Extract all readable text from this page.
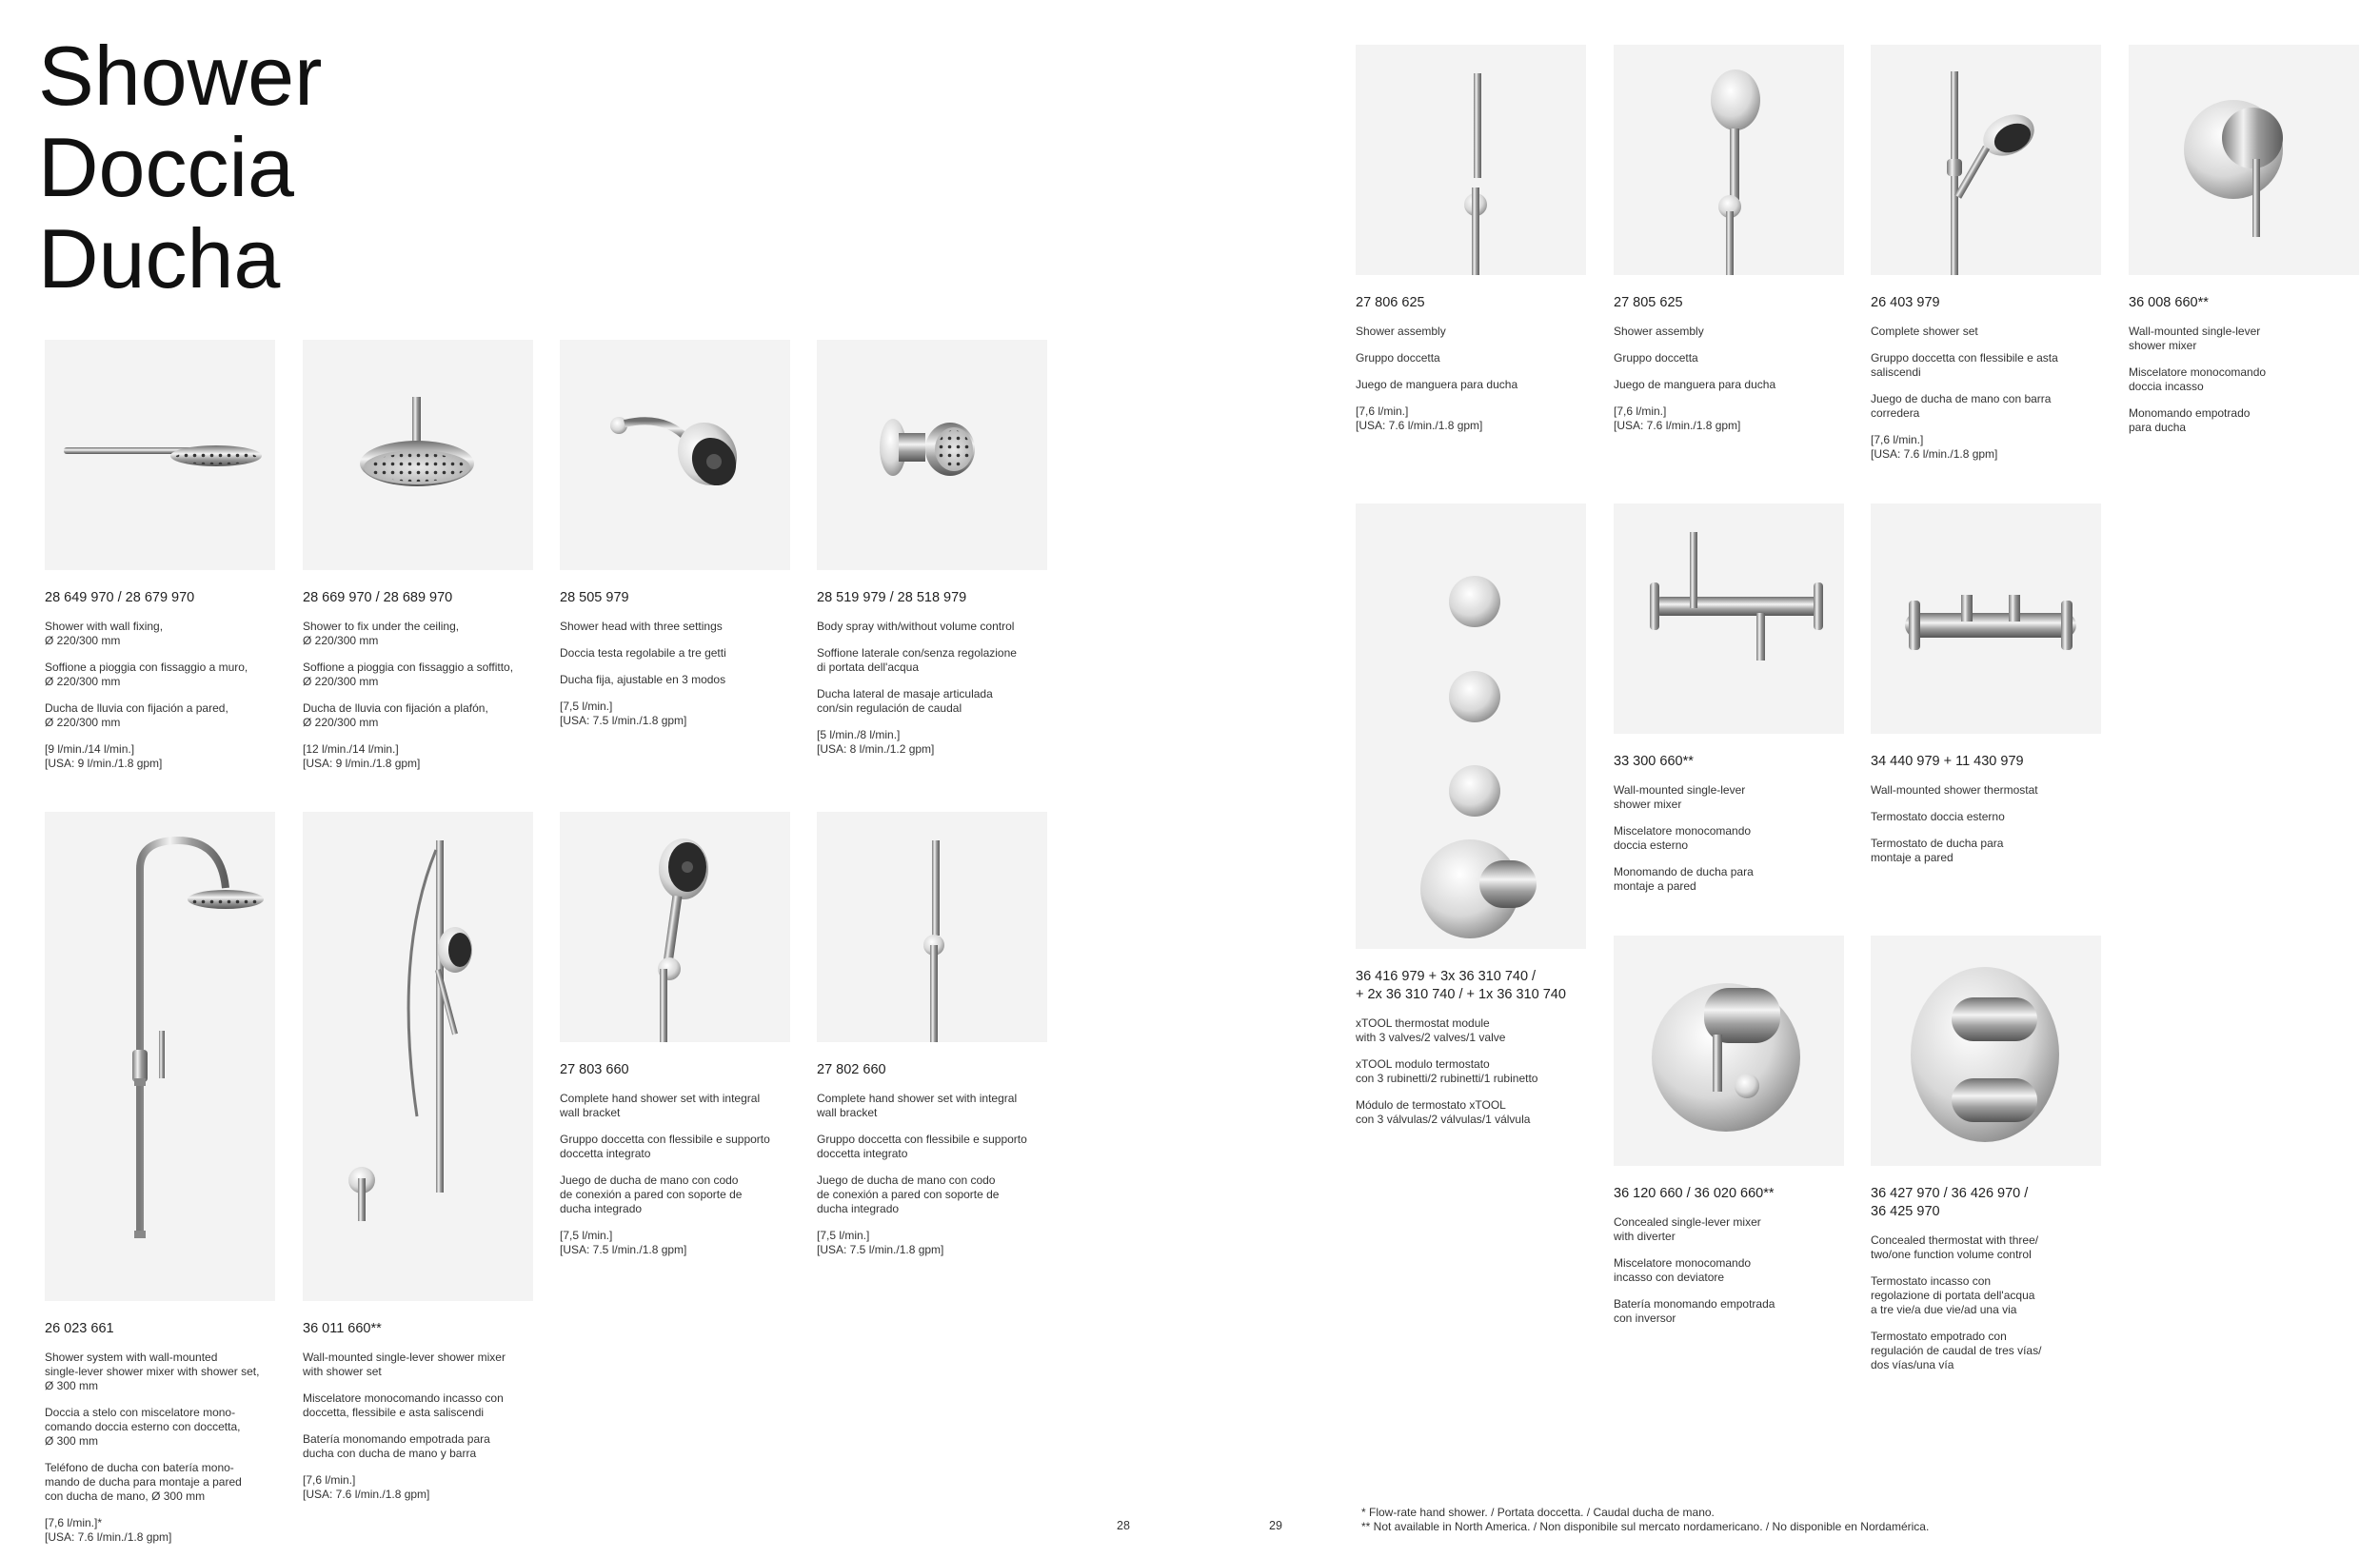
Shower
Doccia
Ducha
28 649 970 / 28 679 970
Shower with wall fixing,
Ø 220/300 mm
Soffione a pioggia con fissaggio a muro,
Ø 220/300 mm
Ducha de lluvia con fijación a pared,
Ø 220/300 mm
[9 l/min./14 l/min.]
[USA: 9 l/min./1.8 gpm]
28 669 970 / 28 689 970
Shower to fix under the ceiling,
Ø 220/300 mm
Soffione a pioggia con fissaggio a soffitto,
Ø 220/300 mm
Ducha de lluvia con fijación a plafón,
Ø 220/300 mm
[12 l/min./14 l/min.]
[USA: 9 l/min./1.8 gpm]
28 505 979
Shower head with three settings
Doccia testa regolabile a tre getti
Ducha fija, ajustable en 3 modos
[7,5 l/min.]
[USA: 7.5 l/min./1.8 gpm]
28 519 979 / 28 518 979
Body spray with/without volume control
Soffione laterale con/senza regolazione
di portata dell'acqua
Ducha lateral de masaje articulada
con/sin regulación de caudal
[5 l/min./8 l/min.]
[USA: 8 l/min./1.2 gpm]
26 023 661
Shower system with wall-mounted
single-lever shower mixer with shower set,
Ø 300 mm
Doccia a stelo con miscelatore mono-
comando doccia esterno con doccetta,
Ø 300 mm
Teléfono de ducha con batería mono-
mando de ducha para montaje a pared
con ducha de mano, Ø 300 mm
[7,6 l/min.]*
[USA: 7.6 l/min./1.8 gpm]
36 011 660**
Wall-mounted single-lever shower mixer
with shower set
Miscelatore monocomando incasso con
doccetta, flessibile e asta saliscendi
Batería monomando empotrada para
ducha con ducha de mano y barra
[7,6 l/min.]
[USA: 7.6 l/min./1.8 gpm]
27 803 660
Complete hand shower set with integral
wall bracket
Gruppo doccetta con flessibile e supporto
doccetta integrato
Juego de ducha de mano con codo
de conexión a pared con soporte de
ducha integrado
[7,5 l/min.]
[USA: 7.5 l/min./1.8 gpm]
27 802 660
Complete hand shower set with integral
wall bracket
Gruppo doccetta con flessibile e supporto
doccetta integrato
Juego de ducha de mano con codo
de conexión a pared con soporte de
ducha integrado
[7,5 l/min.]
[USA: 7.5 l/min./1.8 gpm]
27 806 625
Shower assembly
Gruppo doccetta
Juego de manguera para ducha
[7,6 l/min.]
[USA: 7.6 l/min./1.8 gpm]
27 805 625
Shower assembly
Gruppo doccetta
Juego de manguera para ducha
[7,6 l/min.]
[USA: 7.6 l/min./1.8 gpm]
26 403 979
Complete shower set
Gruppo doccetta con flessibile e asta
saliscendi
Juego de ducha de mano con barra
corredera
[7,6 l/min.]
[USA: 7.6 l/min./1.8 gpm]
36 008 660**
Wall-mounted single-lever
shower mixer
Miscelatore monocomando
doccia incasso
Monomando empotrado
para ducha
36 416 979 + 3x 36 310 740 /
+ 2x 36 310 740 / + 1x 36 310 740
xTOOL thermostat module
with 3 valves/2 valves/1 valve
xTOOL modulo termostato
con 3 rubinetti/2 rubinetti/1 rubinetto
Módulo de termostato xTOOL
con 3 válvulas/2 válvulas/1 válvula
33 300 660**
Wall-mounted single-lever
shower mixer
Miscelatore monocomando
doccia esterno
Monomando de ducha para
montaje a pared
34 440 979 + 11 430 979
Wall-mounted shower thermostat
Termostato doccia esterno
Termostato de ducha para
montaje a pared
36 120 660 / 36 020 660**
Concealed single-lever mixer
with diverter
Miscelatore monocomando
incasso con deviatore
Batería monomando empotrada
con inversor
36 427 970 / 36 426 970 /
36 425 970
Concealed thermostat with three/
two/one function volume control
Termostato incasso con
regolazione di portata dell'acqua
a tre vie/a due vie/ad una via
Termostato empotrado con
regulación de caudal de tres vías/
dos vías/una vía
28	29
* Flow-rate hand shower. / Portata doccetta. / Caudal ducha de mano.
** Not available in North America. / Non disponibile sul mercato nordamericano. / No disponible en Nordamérica.
